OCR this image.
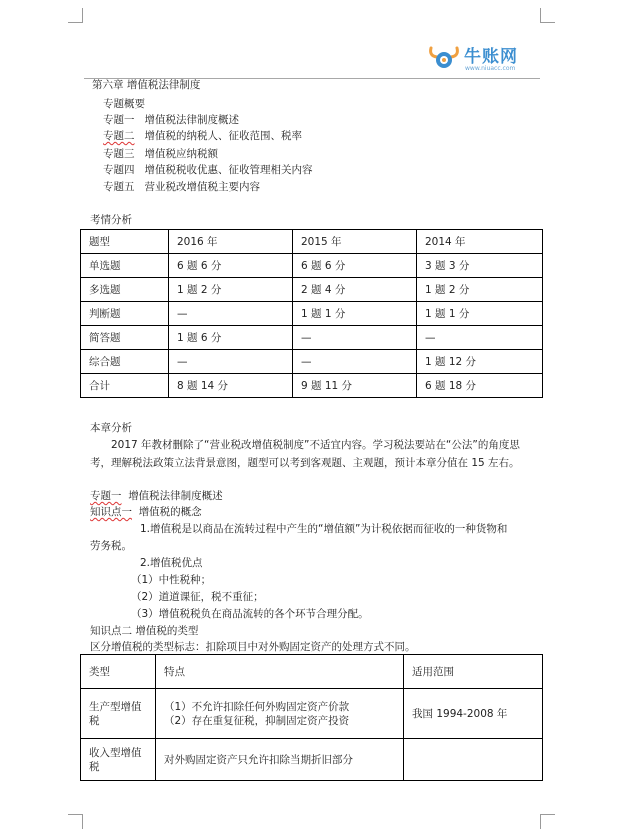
牛账网
www.niuacc.com
第六章 增值税法律制度
专题概要
专题一 增值税法律制度概述
专题二 增值税的纳税人、征收范围、税率
专题三 增值税应纳税额
专题四 增值税税收优惠、征收管理相关内容
专题五 营业税改增值税主要内容
考情分析
题型	2016 年	2015 年	2014 年
单选题	6 题 6 分	6 题 6 分	3 题 3 分
多选题	1 题 2 分	2 题 4 分	1 题 2 分
判断题	—	1 题 1 分	1 题 1 分
简答题	1 题 6 分	—	—
综合题	—	—	1 题 12 分
合计	8 题 14 分	9 题 11 分	6 题 18 分
本章分析
2017 年教材删除了“营业税改增值税制度”不适宜内容。学习税法要站在“公法”的角度思
考，理解税法政策立法背景意图，题型可以考到客观题、主观题，预计本章分值在 15 左右。
专题一 增值税法律制度概述
知识点一 增值税的概念
1.增值税是以商品在流转过程中产生的“增值额”为计税依据而征收的一种货物和
劳务税。
2.增值税优点
（1）中性税种；
（2）道道课征，税不重征；
（3）增值税税负在商品流转的各个环节合理分配。
知识点二 增值税的类型
区分增值税的类型标志：扣除项目中对外购固定资产的处理方式不同。
类型	特点	适用范围

生产型增值
税	（1）不允许扣除任何外购固定资产价款
（2）存在重复征税，抑制固定资产投资	我国 1994-2008 年

收入型增值
税	对外购固定资产只允许扣除当期折旧部分	
